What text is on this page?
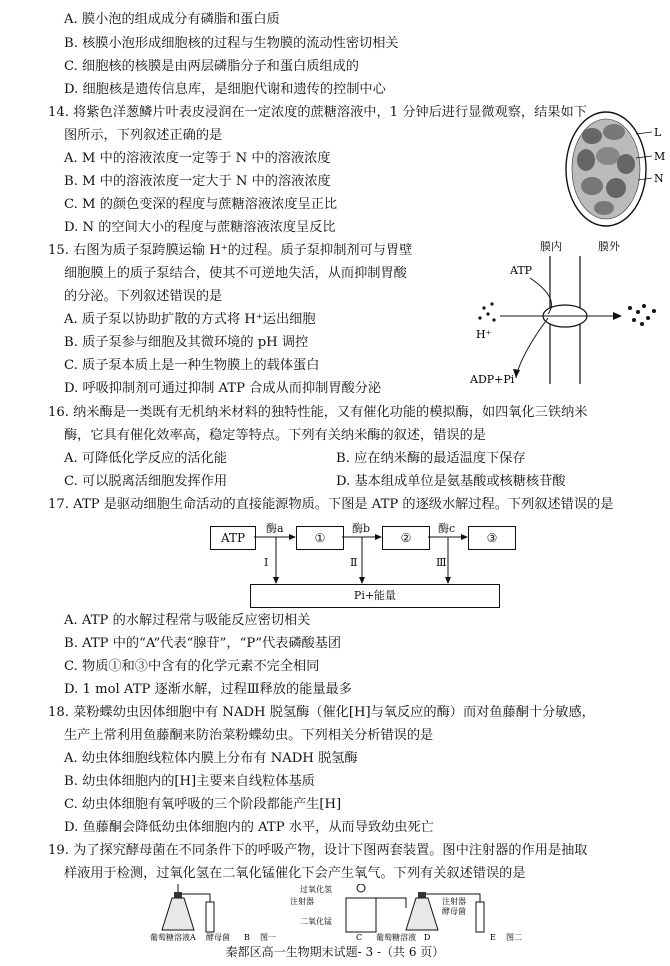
A. 膜小泡的组成成分有磷脂和蛋白质
B. 核膜小泡形成细胞核的过程与生物膜的流动性密切相关
C. 细胞核的核膜是由两层磷脂分子和蛋白质组成的
D. 细胞核是遗传信息库，是细胞代谢和遗传的控制中心
14. 将紫色洋葱鳞片叶表皮浸润在一定浓度的蔗糖溶液中，1 分钟后进行显微观察，结果如下
图所示，下列叙述正确的是
A. M 中的溶液浓度一定等于 N 中的溶液浓度
B. M 中的溶液浓度一定大于 N 中的溶液浓度
C. M 的颜色变深的程度与蔗糖溶液浓度呈正比
D. N 的空间大小的程度与蔗糖溶液浓度呈反比
L
M
N
15. 右图为质子泵跨膜运输 H⁺的过程。质子泵抑制剂可与胃壁
细胞膜上的质子泵结合，使其不可逆地失活，从而抑制胃酸
的分泌。下列叙述错误的是
A. 质子泵以协助扩散的方式将 H⁺运出细胞
B. 质子泵参与细胞及其微环境的 pH 调控
C. 质子泵本质上是一种生物膜上的载体蛋白
D. 呼吸抑制剂可通过抑制 ATP 合成从而抑制胃酸分泌
膜内	膜外
ATP
ADP+Pi
H⁺
16. 纳米酶是一类既有无机纳米材料的独特性能，又有催化功能的模拟酶，如四氧化三铁纳米
酶，它具有催化效率高，稳定等特点。下列有关纳米酶的叙述，错误的是
A. 可降低化学反应的活化能	B. 应在纳米酶的最适温度下保存
C. 可以脱离活细胞发挥作用	D. 基本组成单位是氨基酸或核糖核苷酸
17. ATP 是驱动细胞生命活动的直接能源物质。下图是 ATP 的逐级水解过程。下列叙述错误的是
ATP	①	②	③
Pi+能量
酶a	酶b	酶c
Ⅰ	Ⅱ	Ⅲ
A. ATP 的水解过程常与吸能反应密切相关
B. ATP 中的“A”代表“腺苷”，“P”代表磷酸基团
C. 物质①和③中含有的化学元素不完全相同
D. 1 mol ATP 逐渐水解，过程Ⅲ释放的能量最多
18. 菜粉蝶幼虫因体细胞中有 NADH 脱氢酶（催化[H]与氧反应的酶）而对鱼藤酮十分敏感，
生产上常利用鱼藤酮来防治菜粉蝶幼虫。下列相关分析错误的是
A. 幼虫体细胞线粒体内膜上分布有 NADH 脱氢酶
B. 幼虫体细胞内的[H]主要来自线粒体基质
C. 幼虫体细胞有氧呼吸的三个阶段都能产生[H]
D. 鱼藤酮会降低幼虫体细胞内的 ATP 水平，从而导致幼虫死亡
19. 为了探究酵母菌在不同条件下的呼吸产物，设计下图两套装置。图中注射器的作用是抽取
样液用于检测，过氧化氢在二氧化锰催化下会产生氧气。下列有关叙述错误的是
葡萄糖溶液 A 酵母菌 B 图一
注射器
过氧化氢
二氧化锰
C 葡萄糖溶液 D
酵母菌
注射器
E 图二
秦都区高一生物期末试题- 3 -（共 6 页）
